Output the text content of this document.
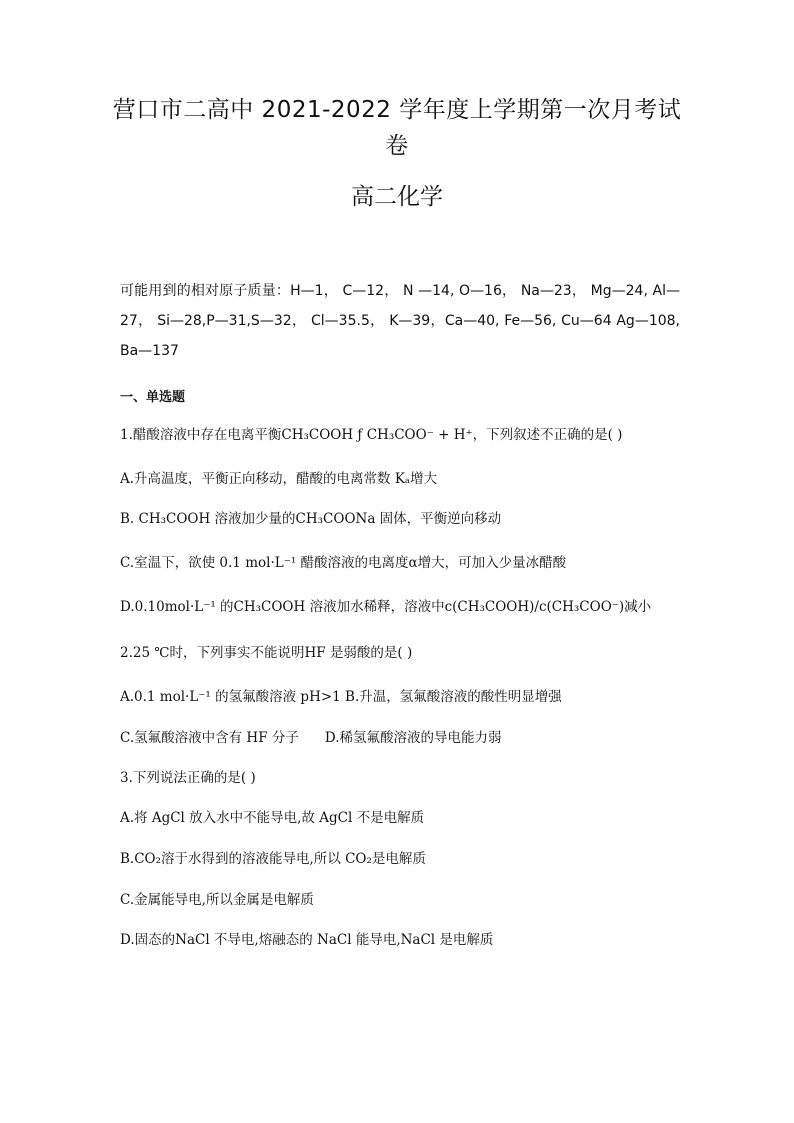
营口市二高中 2021-2022 学年度上学期第一次月考试卷
高二化学
可能用到的相对原子质量：H—1， C—12， N —14, O—16， Na—23， Mg—24, Al—27， Si—28,P—31,S—32， Cl—35.5， K—39，Ca—40, Fe—56, Cu—64 Ag—108, Ba—137
一、单选题
1.醋酸溶液中存在电离平衡CH₃COOH ƒ CH₃COO⁻ + H⁺，下列叙述不正确的是( )
A.升高温度，平衡正向移动，醋酸的电离常数 Kₐ增大
B. CH₃COOH 溶液加少量的CH₃COONa 固体，平衡逆向移动
C.室温下，欲使 0.1 mol·L⁻¹ 醋酸溶液的电离度α增大，可加入少量冰醋酸
D.0.10mol·L⁻¹ 的CH₃COOH 溶液加水稀释，溶液中c(CH₃COOH)/c(CH₃COO⁻)减小
2.25 ℃时，下列事实不能说明HF 是弱酸的是( )
A.0.1 mol·L⁻¹ 的氢氟酸溶液 pH>1 B.升温，氢氟酸溶液的酸性明显增强
C.氢氟酸溶液中含有 HF 分子 D.稀氢氟酸溶液的导电能力弱
3.下列说法正确的是( )
A.将 AgCl 放入水中不能导电,故 AgCl 不是电解质
B.CO₂溶于水得到的溶液能导电,所以 CO₂是电解质
C.金属能导电,所以金属是电解质
D.固态的NaCl 不导电,熔融态的 NaCl 能导电,NaCl 是电解质
